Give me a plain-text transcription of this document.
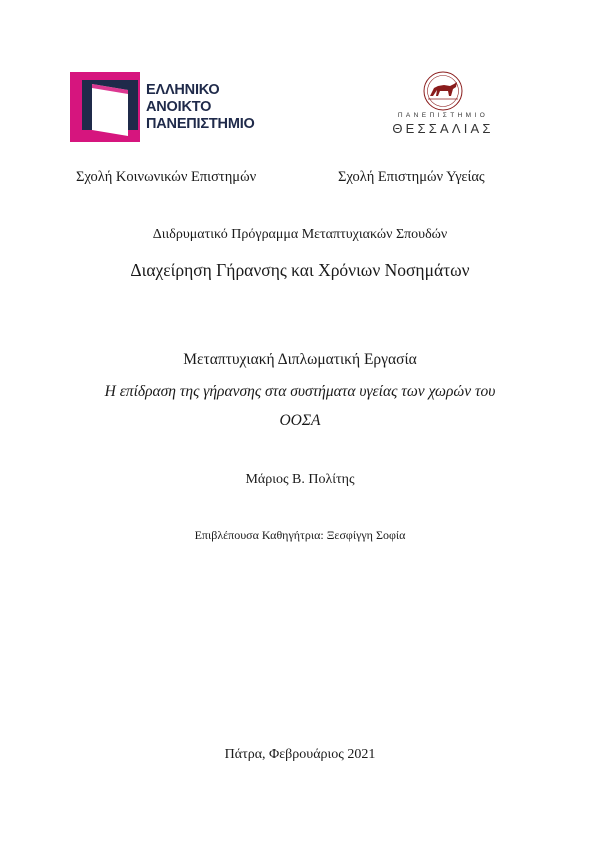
ΕΛΛΗΝΙΚΟ
ΑΝΟΙΚΤΟ
ΠΑΝΕΠΙΣΤΗΜΙΟ
ΠΑΝΕΠΙΣΤΗΜΙΟ
ΘΕΣΣΑΛΙΑΣ
Σχολή Κοινωνικών Επιστημών	Σχολή Επιστημών Υγείας
Διιδρυματικό Πρόγραμμα Μεταπτυχιακών Σπουδών
Διαχείρηση Γήρανσης και Χρόνιων Νοσημάτων
Μεταπτυχιακή Διπλωματική Εργασία
Η επίδραση της γήρανσης στα συστήματα υγείας των χωρών του
ΟΟΣΑ
Μάριος Β. Πολίτης
Επιβλέπουσα Καθηγήτρια: Ξεσφίγγη Σοφία
Πάτρα, Φεβρουάριος 2021
